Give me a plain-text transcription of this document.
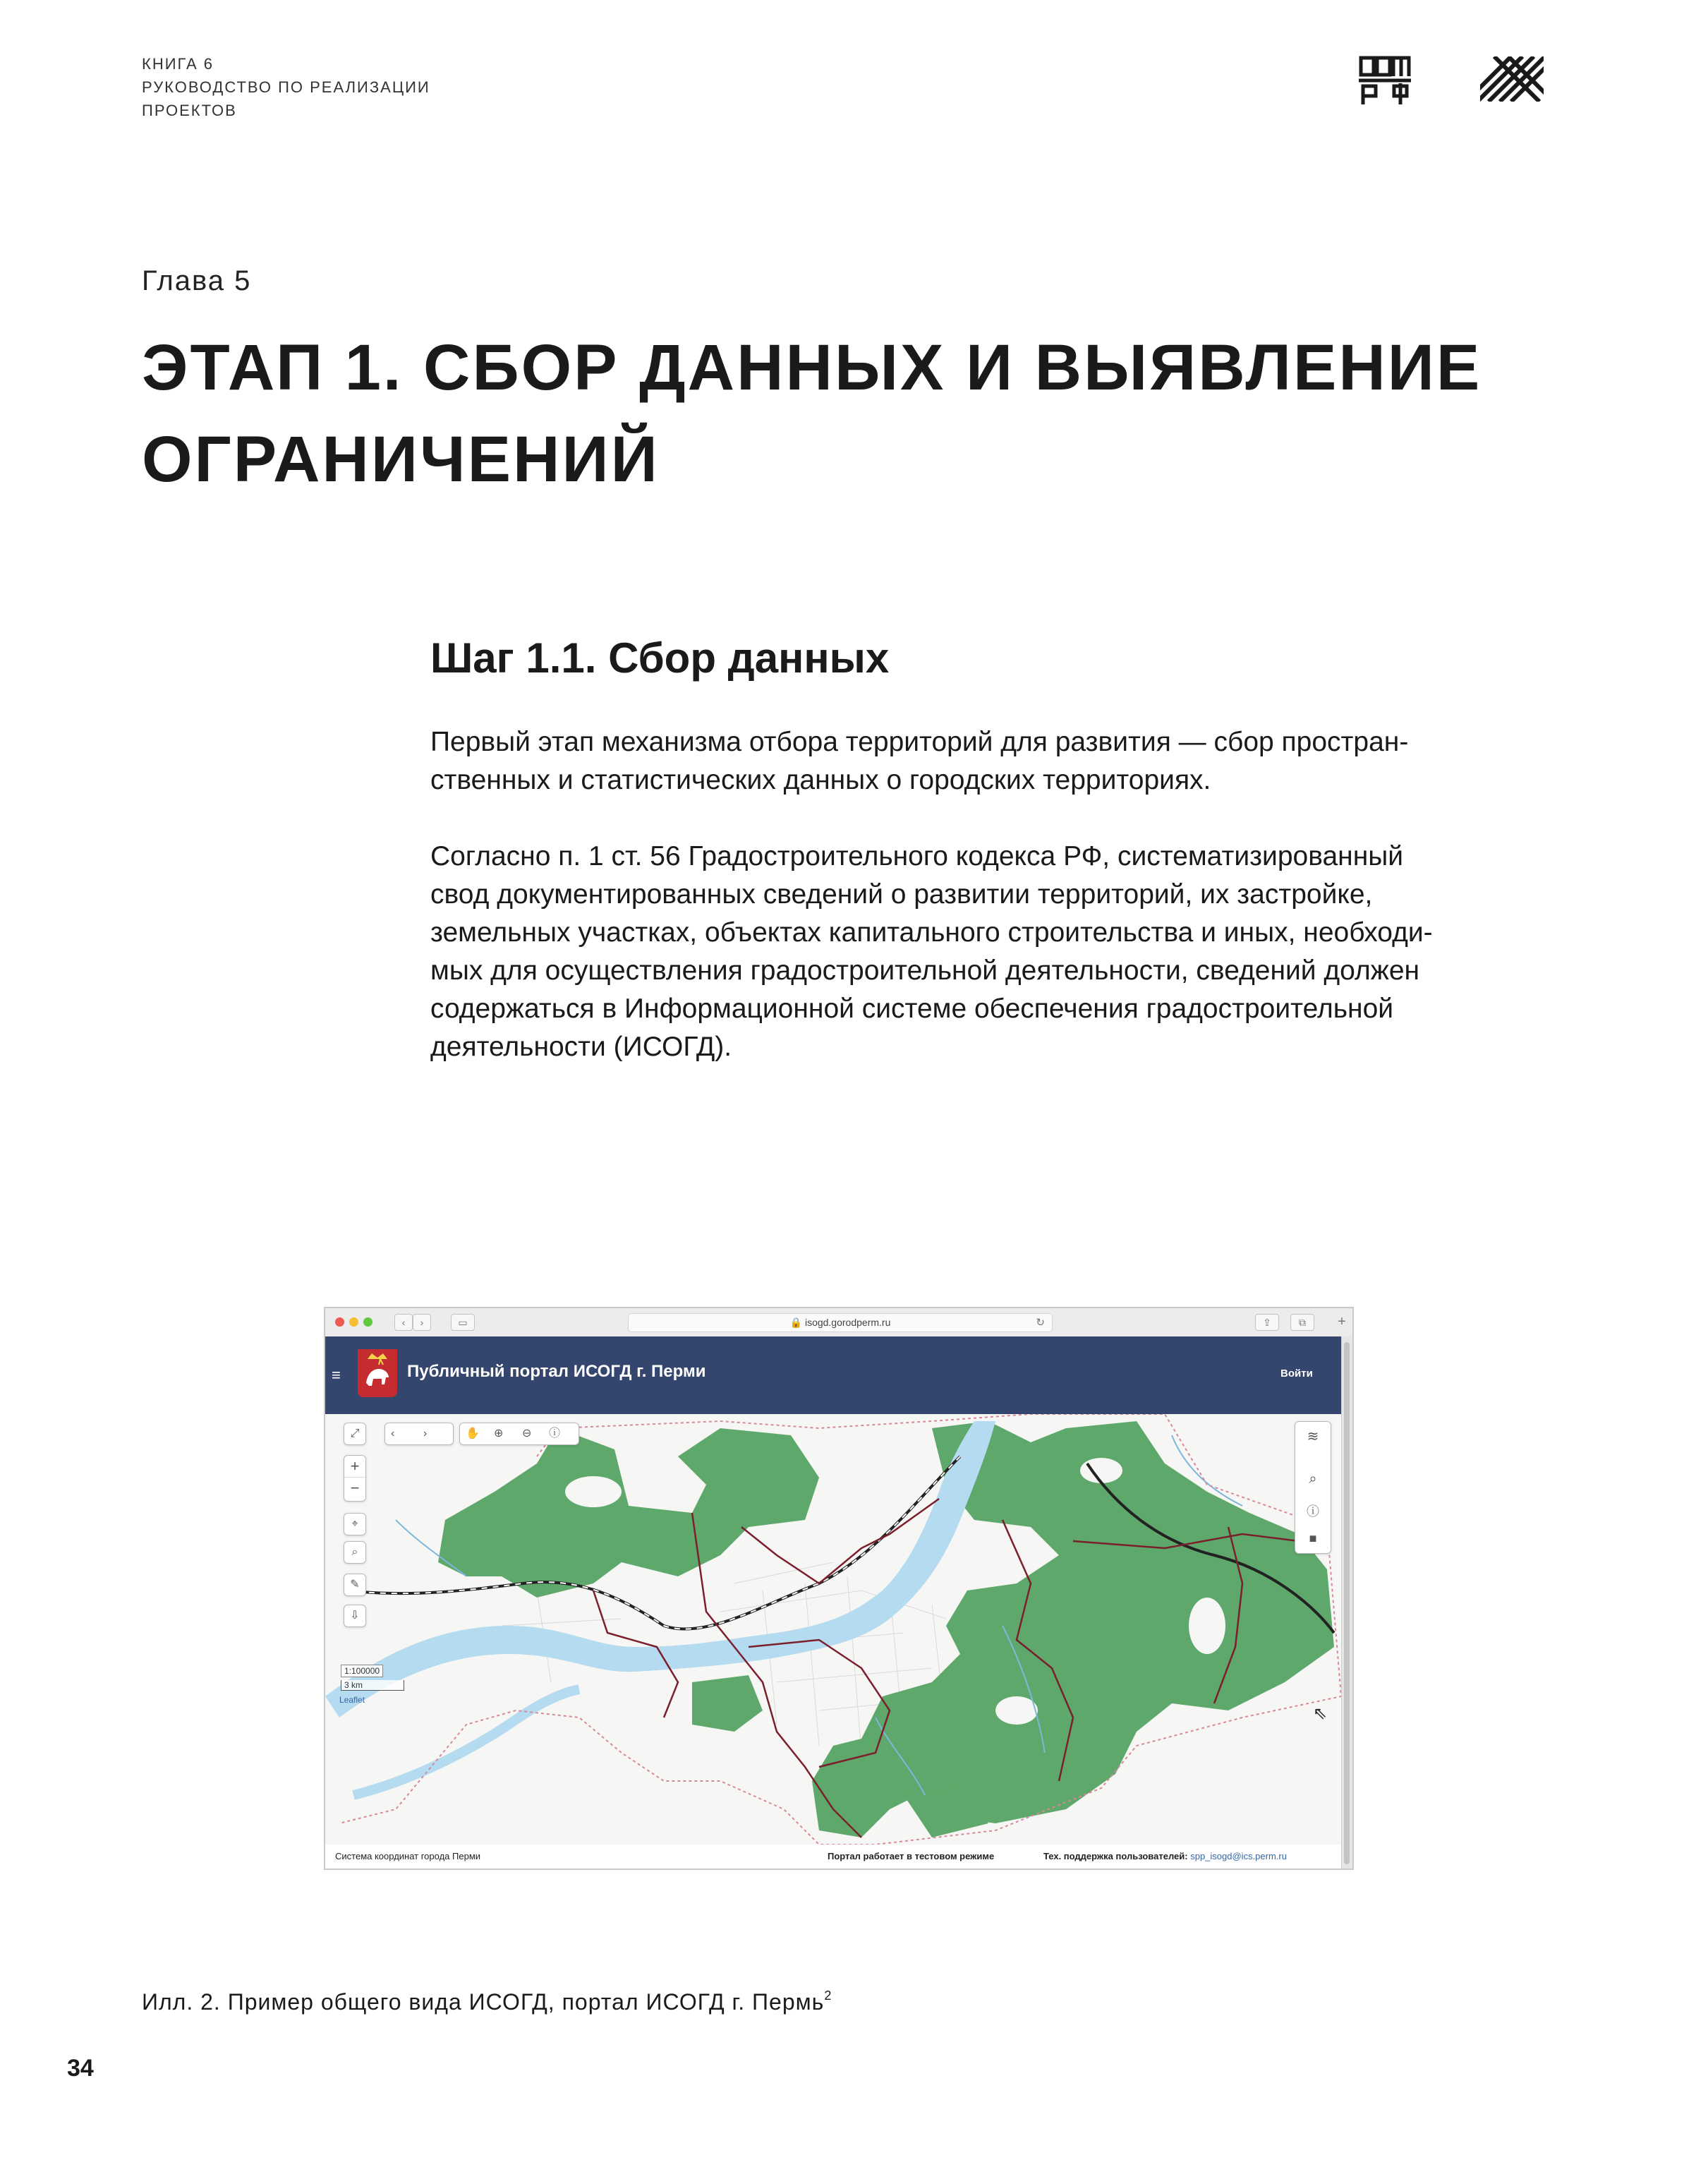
КНИГА 6
РУКОВОДСТВО ПО РЕАЛИЗАЦИИ
ПРОЕКТОВ
Глава 5
ЭТАП 1. СБОР ДАННЫХ И ВЫЯВЛЕНИЕ
ОГРАНИЧЕНИЙ
Шаг 1.1. Сбор данных
Первый этап механизма отбора территорий для развития — сбор простран-
ственных и статистических данных о городских территориях.
Согласно п. 1 ст. 56 Градостроительного кодекса РФ, систематизированный
свод документированных сведений о развитии территорий, их застройке,
земельных участках, объектах капитального строительства и иных, необходи-
мых для осуществления градостроительной деятельности, сведений должен
содержаться в Информационной системе обеспечения градостроительной
деятельности (ИСОГД).
‹	›	▭	🔒 isogd.gorodperm.ru	↻	⇪	⧉	+
≡	Публичный портал ИСОГД г. Перми	Войти
⤢	‹	›	✋ ⊕ ⊖ ⓘ
+
−
⌖
⌕
✎
⇩
≋
⌕
ⓘ
■
1:100000
3 km
Leaflet
⇖
Система координат города Перми	Портал работает в тестовом режиме	Тех. поддержка пользователей: spp_isogd@ics.perm.ru
Илл. 2. Пример общего вида ИСОГД, портал ИСОГД г. Пермь$^2$
34
